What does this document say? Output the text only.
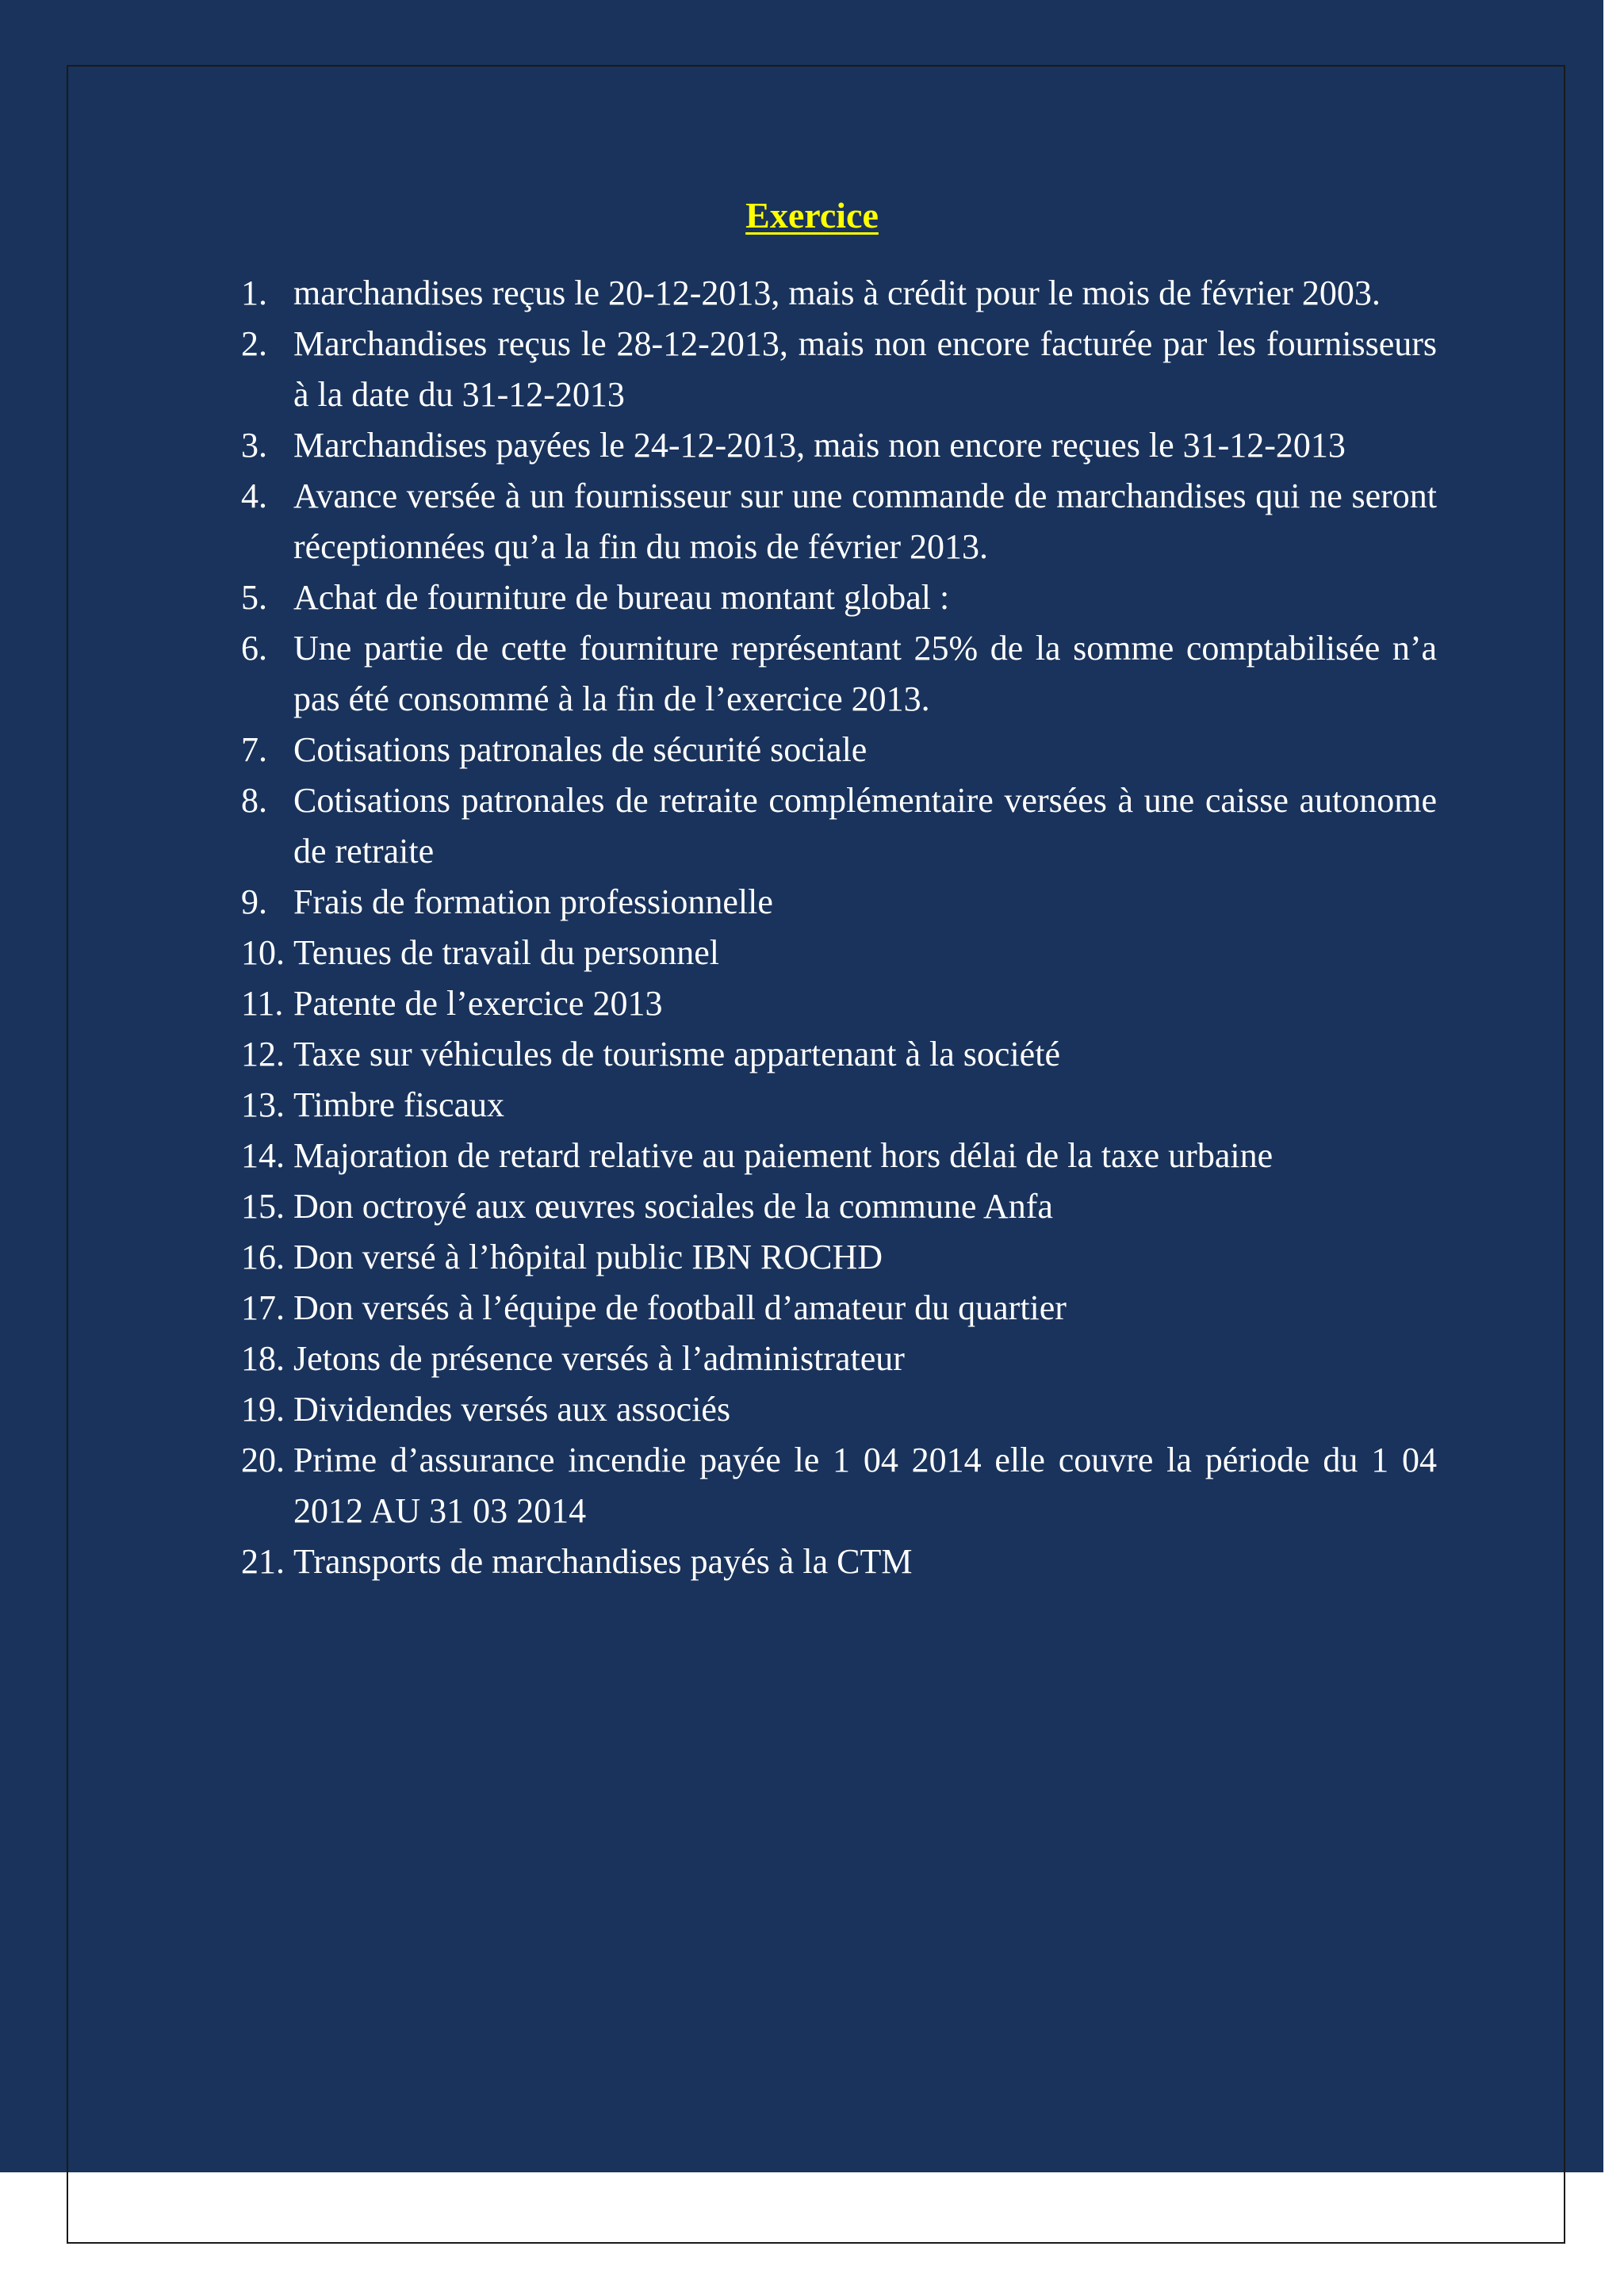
Exercice
1. marchandises reçus le 20-12-2013, mais à crédit pour le mois de février 2003.
2. Marchandises reçus le 28-12-2013, mais non encore facturée par les fournisseurs à la date du 31-12-2013
3. Marchandises payées le 24-12-2013, mais non encore reçues le 31-12-2013
4. Avance versée à un fournisseur sur une commande de marchandises qui ne seront réceptionnées qu’a la fin du mois de février 2013.
5. Achat de fourniture de bureau montant global :
6. Une partie de cette fourniture représentant 25% de la somme comptabilisée n’a pas été consommé à la fin de l’exercice 2013.
7. Cotisations patronales de sécurité sociale
8. Cotisations patronales de retraite complémentaire versées à une caisse autonome de retraite
9. Frais de formation professionnelle
10. Tenues de travail du personnel
11. Patente de l’exercice 2013
12. Taxe sur véhicules de tourisme appartenant à la société
13. Timbre fiscaux
14. Majoration de retard relative au paiement hors délai de la taxe urbaine
15. Don octroyé aux œuvres sociales de la commune Anfa
16. Don versé à l’hôpital public IBN ROCHD
17. Don versés à l’équipe de football d’amateur du quartier
18. Jetons de présence versés à l’administrateur
19. Dividendes versés aux associés
20. Prime d’assurance incendie payée le 1 04 2014 elle couvre la période du 1 04 2012 AU 31 03 2014
21. Transports de marchandises payés à la CTM
